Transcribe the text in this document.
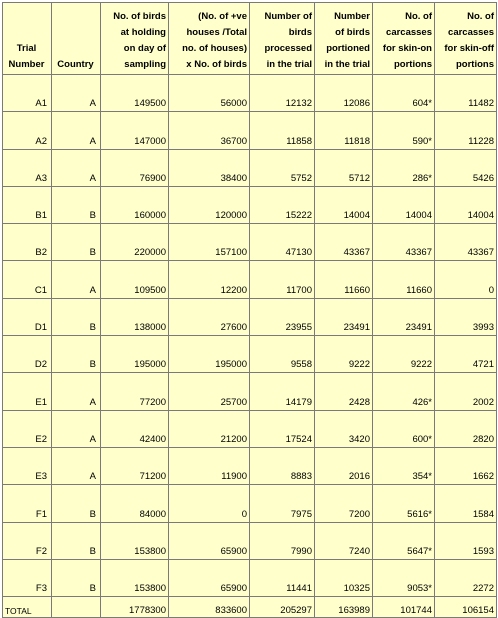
Trial
Number	Country	No. of birds
at holding
on day of
sampling	(No. of +ve
houses /Total
no. of houses)
x No. of birds	Number of
birds
processed
in the trial	Number
of birds
portioned
in the trial	No. of
carcasses
for skin-on
portions	No. of
carcasses
for skin-off
portions
A1	A	149500	56000	12132	12086	604*	11482
A2	A	147000	36700	11858	11818	590*	11228
A3	A	76900	38400	5752	5712	286*	5426
B1	B	160000	120000	15222	14004	14004	14004
B2	B	220000	157100	47130	43367	43367	43367
C1	A	109500	12200	11700	11660	11660	0
D1	B	138000	27600	23955	23491	23491	3993
D2	B	195000	195000	9558	9222	9222	4721
E1	A	77200	25700	14179	2428	426*	2002
E2	A	42400	21200	17524	3420	600*	2820
E3	A	71200	11900	8883	2016	354*	1662
F1	B	84000	0	7975	7200	5616*	1584
F2	B	153800	65900	7990	7240	5647*	1593
F3	B	153800	65900	11441	10325	9053*	2272
TOTAL		1778300	833600	205297	163989	101744	106154
